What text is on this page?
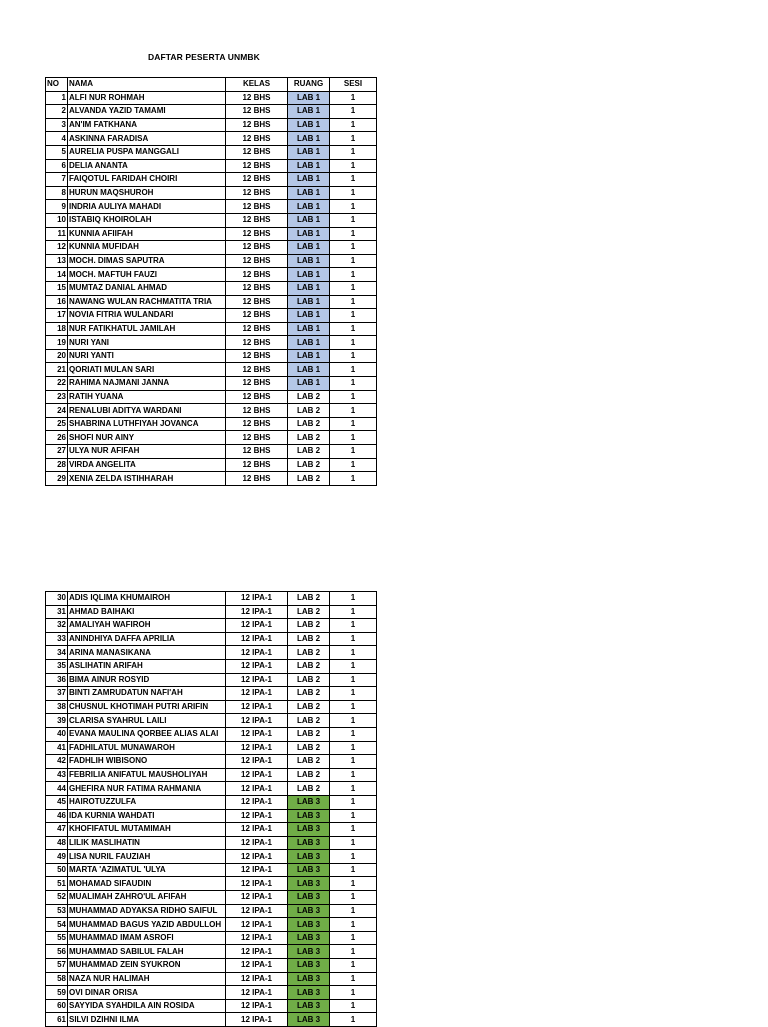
DAFTAR PESERTA UNMBK
NO	NAMA	KELAS	RUANG	SESI
1	ALFI NUR ROHMAH	12 BHS	LAB 1	1
2	ALVANDA YAZID TAMAMI	12 BHS	LAB 1	1
3	AN'IM FATKHANA	12 BHS	LAB 1	1
4	ASKINNA FARADISA	12 BHS	LAB 1	1
5	AURELIA PUSPA MANGGALI	12 BHS	LAB 1	1
6	DELIA ANANTA	12 BHS	LAB 1	1
7	FAIQOTUL FARIDAH CHOIRI	12 BHS	LAB 1	1
8	HURUN MAQSHUROH	12 BHS	LAB 1	1
9	INDRIA AULIYA MAHADI	12 BHS	LAB 1	1
10	ISTABIQ KHOIROLAH	12 BHS	LAB 1	1
11	KUNNIA AFIIFAH	12 BHS	LAB 1	1
12	KUNNIA MUFIDAH	12 BHS	LAB 1	1
13	MOCH. DIMAS SAPUTRA	12 BHS	LAB 1	1
14	MOCH. MAFTUH FAUZI	12 BHS	LAB 1	1
15	MUMTAZ DANIAL AHMAD	12 BHS	LAB 1	1
16	NAWANG WULAN RACHMATITA TRIA	12 BHS	LAB 1	1
17	NOVIA FITRIA WULANDARI	12 BHS	LAB 1	1
18	NUR FATIKHATUL JAMILAH	12 BHS	LAB 1	1
19	NURI YANI	12 BHS	LAB 1	1
20	NURI YANTI	12 BHS	LAB 1	1
21	QORIATI MULAN SARI	12 BHS	LAB 1	1
22	RAHIMA NAJMANI JANNA	12 BHS	LAB 1	1
23	RATIH YUANA	12 BHS	LAB 2	1
24	RENALUBI ADITYA WARDANI	12 BHS	LAB 2	1
25	SHABRINA LUTHFIYAH JOVANCA	12 BHS	LAB 2	1
26	SHOFI NUR AINY	12 BHS	LAB 2	1
27	ULYA NUR AFIFAH	12 BHS	LAB 2	1
28	VIRDA ANGELITA	12 BHS	LAB 2	1
29	XENIA ZELDA ISTIHHARAH	12 BHS	LAB 2	1
30	ADIS IQLIMA KHUMAIROH	12 IPA-1	LAB 2	1
31	AHMAD BAIHAKI	12 IPA-1	LAB 2	1
32	AMALIYAH WAFIROH	12 IPA-1	LAB 2	1
33	ANINDHIYA DAFFA APRILIA	12 IPA-1	LAB 2	1
34	ARINA MANASIKANA	12 IPA-1	LAB 2	1
35	ASLIHATIN ARIFAH	12 IPA-1	LAB 2	1
36	BIMA AINUR ROSYID	12 IPA-1	LAB 2	1
37	BINTI ZAMRUDATUN NAFI'AH	12 IPA-1	LAB 2	1
38	CHUSNUL KHOTIMAH PUTRI ARIFIN	12 IPA-1	LAB 2	1
39	CLARISA SYAHRUL LAILI	12 IPA-1	LAB 2	1
40	EVANA MAULINA QORBEE ALIAS ALAI	12 IPA-1	LAB 2	1
41	FADHILATUL MUNAWAROH	12 IPA-1	LAB 2	1
42	FADHLIH WIBISONO	12 IPA-1	LAB 2	1
43	FEBRILIA ANIFATUL MAUSHOLIYAH	12 IPA-1	LAB 2	1
44	GHEFIRA NUR FATIMA RAHMANIA	12 IPA-1	LAB 2	1
45	HAIROTUZZULFA	12 IPA-1	LAB 3	1
46	IDA KURNIA WAHDATI	12 IPA-1	LAB 3	1
47	KHOFIFATUL MUTAMIMAH	12 IPA-1	LAB 3	1
48	LILIK MASLIHATIN	12 IPA-1	LAB 3	1
49	LISA NURIL FAUZIAH	12 IPA-1	LAB 3	1
50	MARTA 'AZIMATUL 'ULYA	12 IPA-1	LAB 3	1
51	MOHAMAD SIFAUDIN	12 IPA-1	LAB 3	1
52	MUALIMAH ZAHRO'UL AFIFAH	12 IPA-1	LAB 3	1
53	MUHAMMAD ADYAKSA RIDHO SAIFUL	12 IPA-1	LAB 3	1
54	MUHAMMAD BAGUS YAZID ABDULLOH	12 IPA-1	LAB 3	1
55	MUHAMMAD IMAM ASROFI	12 IPA-1	LAB 3	1
56	MUHAMMAD SABILUL FALAH	12 IPA-1	LAB 3	1
57	MUHAMMAD ZEIN SYUKRON	12 IPA-1	LAB 3	1
58	NAZA NUR HALIMAH	12 IPA-1	LAB 3	1
59	OVI DINAR ORISA	12 IPA-1	LAB 3	1
60	SAYYIDA SYAHDILA AIN ROSIDA	12 IPA-1	LAB 3	1
61	SILVI DZIHNI ILMA	12 IPA-1	LAB 3	1
